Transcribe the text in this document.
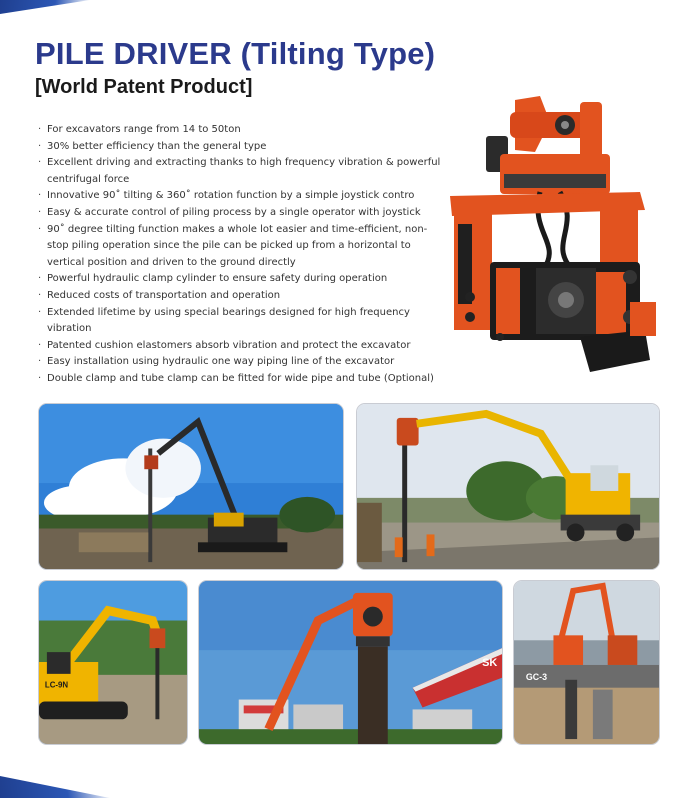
PILE DRIVER (Tilting Type)
[World Patent Product]
· For excavators range from 14 to 50ton
· 30% better efficiency than the general type
· Excellent driving and extracting thanks to high frequency vibration & powerful
centrifugal force
· Innovative 90˚ tilting & 360˚ rotation function by a simple joystick contro
· Easy & accurate control of piling process by a single operator with joystick
· 90˚ degree tilting function makes a whole lot easier and time-efficient, non-
stop piling operation since the pile can be picked up from a horizontal to
vertical position and driven to the ground directly
· Powerful hydraulic clamp cylinder to ensure safety during operation
· Reduced costs of transportation and operation
· Extended lifetime by using special bearings designed for high frequency vibration
· Patented cushion elastomers absorb vibration and protect the excavator
· Easy installation using hydraulic one way piping line of the excavator
· Double clamp and tube clamp can be fitted for wide pipe and tube (Optional)
LC-9N
SK
GC-3
